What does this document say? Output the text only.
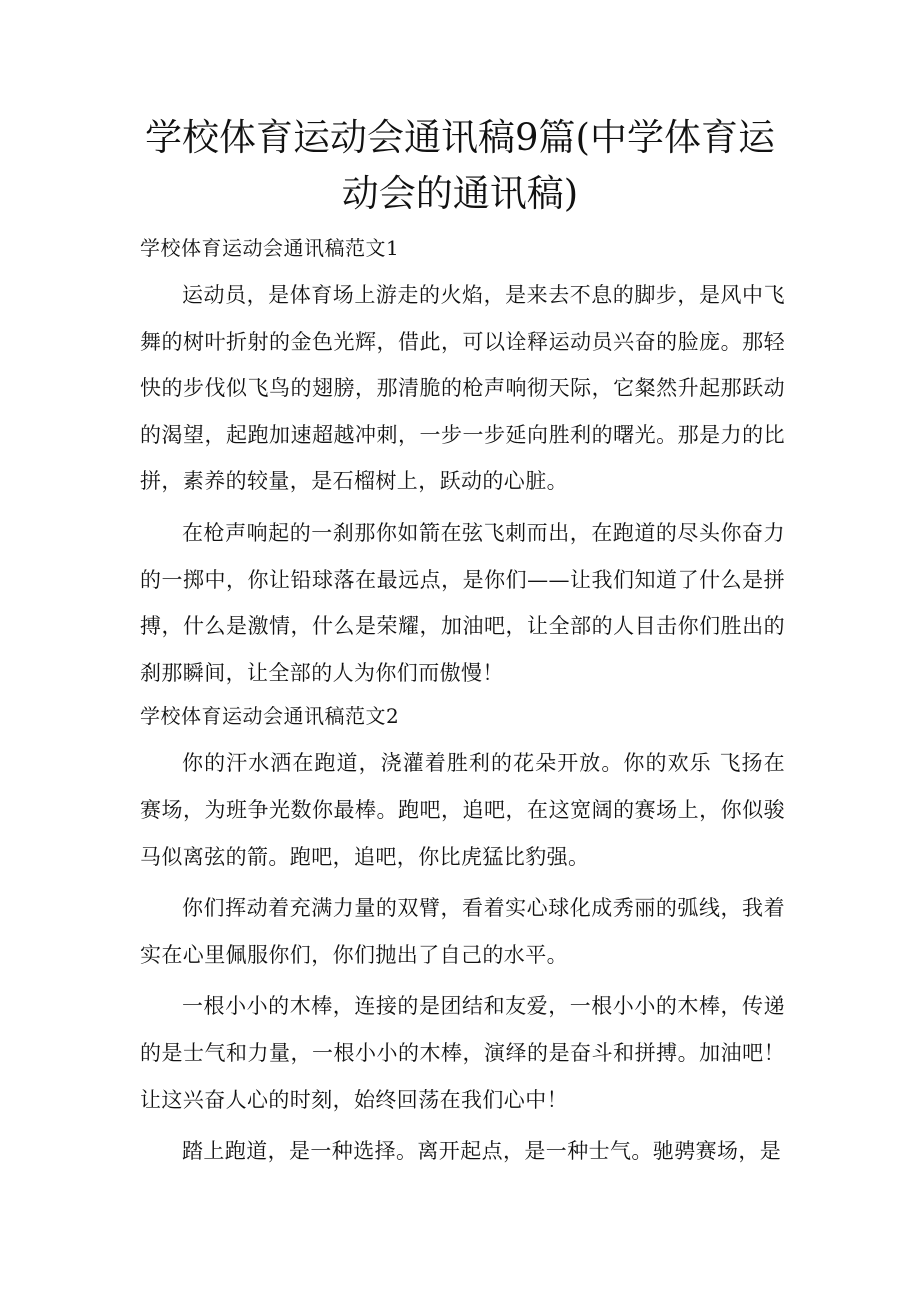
学校体育运动会通讯稿9篇(中学体育运动会的通讯稿)
学校体育运动会通讯稿范文1

运动员，是体育场上游走的火焰，是来去不息的脚步，是风中飞舞的树叶折射的金色光辉，借此，可以诠释运动员兴奋的脸庞。那轻快的步伐似飞鸟的翅膀，那清脆的枪声响彻天际，它粲然升起那跃动的渴望，起跑加速超越冲刺，一步一步延向胜利的曙光。那是力的比拼，素养的较量，是石榴树上，跃动的心脏。

在枪声响起的一刹那你如箭在弦飞刺而出，在跑道的尽头你奋力的一掷中，你让铅球落在最远点，是你们——让我们知道了什么是拼搏，什么是激情，什么是荣耀，加油吧，让全部的人目击你们胜出的刹那瞬间，让全部的人为你们而傲慢！

学校体育运动会通讯稿范文2

你的汗水洒在跑道，浇灌着胜利的花朵开放。你的欢乐 飞扬在赛场，为班争光数你最棒。跑吧，追吧，在这宽阔的赛场上，你似骏马似离弦的箭。跑吧，追吧，你比虎猛比豹强。

你们挥动着充满力量的双臂，看着实心球化成秀丽的弧线，我着实在心里佩服你们，你们抛出了自己的水平。

一根小小的木棒，连接的是团结和友爱，一根小小的木棒，传递的是士气和力量，一根小小的木棒，演绎的是奋斗和拼搏。加油吧！让这兴奋人心的时刻，始终回荡在我们心中！

踏上跑道，是一种选择。离开起点，是一种士气。驰骋赛场，是
